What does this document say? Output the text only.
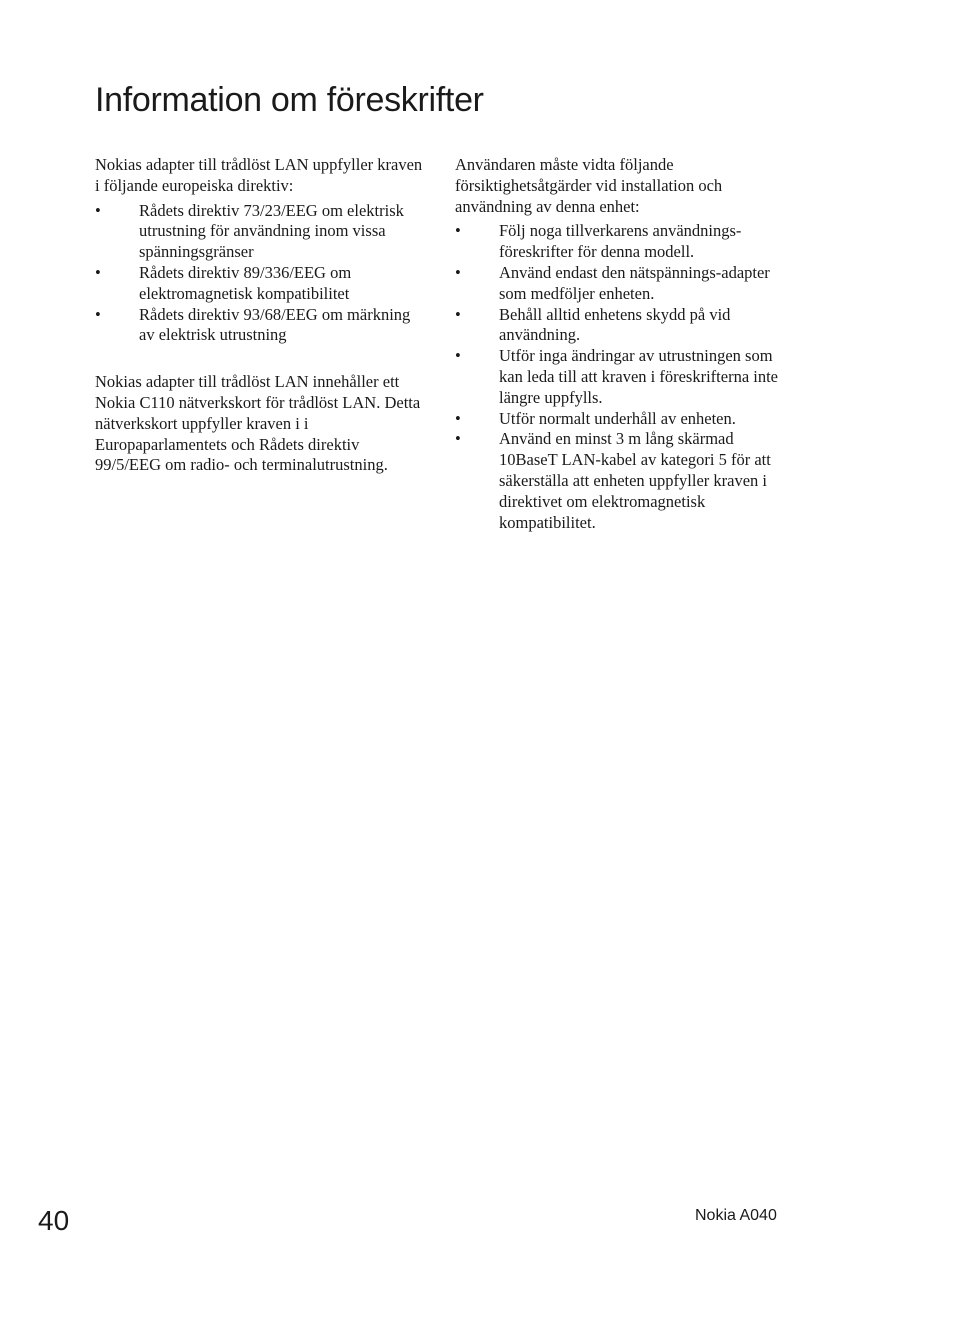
Information om föreskrifter

Nokias adapter till trådlöst LAN uppfyller kraven i följande europeiska direktiv:

•	Rådets direktiv 73/23/EEG om elektrisk utrustning för användning inom vissa spänningsgränser
•	Rådets direktiv 89/336/EEG om elektromagnetisk kompatibilitet
•	Rådets direktiv 93/68/EEG om märkning av elektrisk utrustning

Nokias adapter till trådlöst LAN innehåller ett Nokia C110 nätverkskort för trådlöst LAN. Detta nätverkskort uppfyller kraven i i Europaparlamentets och Rådets direktiv 99/5/EEG om radio- och terminalutrustning.

Användaren måste vidta följande försiktighetsåtgärder vid installation och användning av denna enhet:

•	Följ noga tillverkarens användnings-föreskrifter för denna modell.
•	Använd endast den nätspännings-adapter som medföljer enheten.
•	Behåll alltid enhetens skydd på vid användning.
•	Utför inga ändringar av utrustningen som kan leda till att kraven i föreskrifterna inte längre uppfylls.
•	Utför normalt underhåll av enheten.
•	Använd en minst 3 m lång skärmad 10BaseT LAN-kabel av kategori 5 för att säkerställa att enheten uppfyller kraven i direktivet om elektromagnetisk kompatibilitet.
40	Nokia A040
